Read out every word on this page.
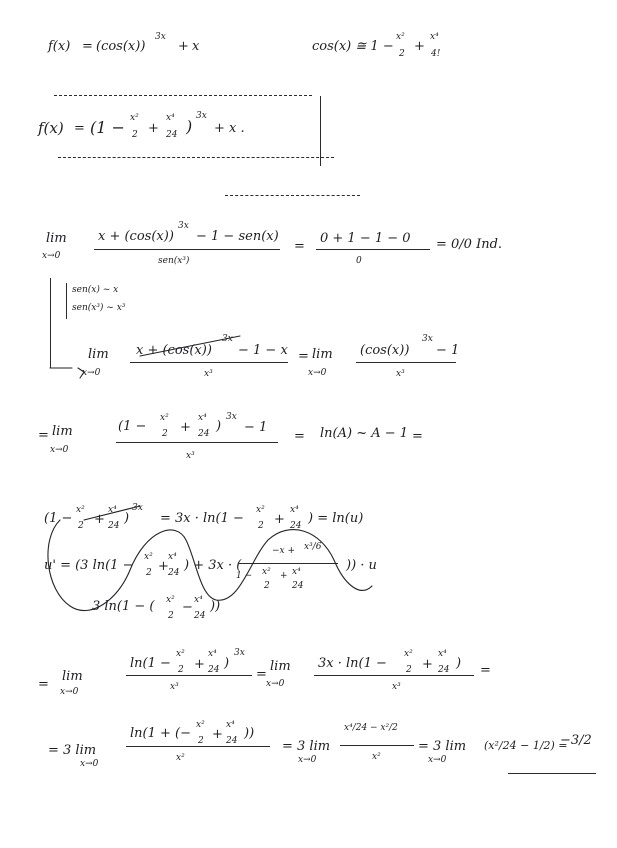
f(x) = (cos(x))
3x
+ x	cos(x) ≅ 1 −
x²
2 +
x⁴
4!
f(x) = (1 − x²
2 +
x⁴
24 )
3x
+ x .
lim
x→0
x + (cos(x))
3x
− 1 − sen(x)
sen(x³)
=
0 + 1 − 1 − 0
0
= 0/0 Ind.
sen(x) ~ x
sen(x³) ~ x³
lim
x→0
x + (cos(x))
3x
− 1 − x
x³
= lim
x→0
(cos(x))
3x
− 1
x³
= lim
x→0
(1 −
x²
2 +
x⁴
24 )
3x
− 1
x³
= ln(A) ~ A − 1 =
(1 −
x²
2 +
x⁴
24 )
3x
= 3x · ln(1 −
x²
2 +
x⁴
24 ) = ln(u)
u' = (3 ln(1 −
x²
2 +
x⁴
24 ) + 3x · (
−x + x³/6
1 − x²
2
+ x⁴
24
)) · u
3 ln(1 − ( x²
2
− x⁴
24
))
=
lim
x→0
ln(1 −
x²
2 +
x⁴
24 )
3x
x³
=
lim
x→0
3x · ln(1 −
x²
2 +
x⁴
24 )
x³
=
= 3 lim
x→0
ln(1 + (−
x²
2 +
x⁴
24 ))
x²
= 3 lim
x→0
x⁴/24 − x²/2
x²
= 3 lim
x→0
(x²/24 − 1/2) =
−3/2
